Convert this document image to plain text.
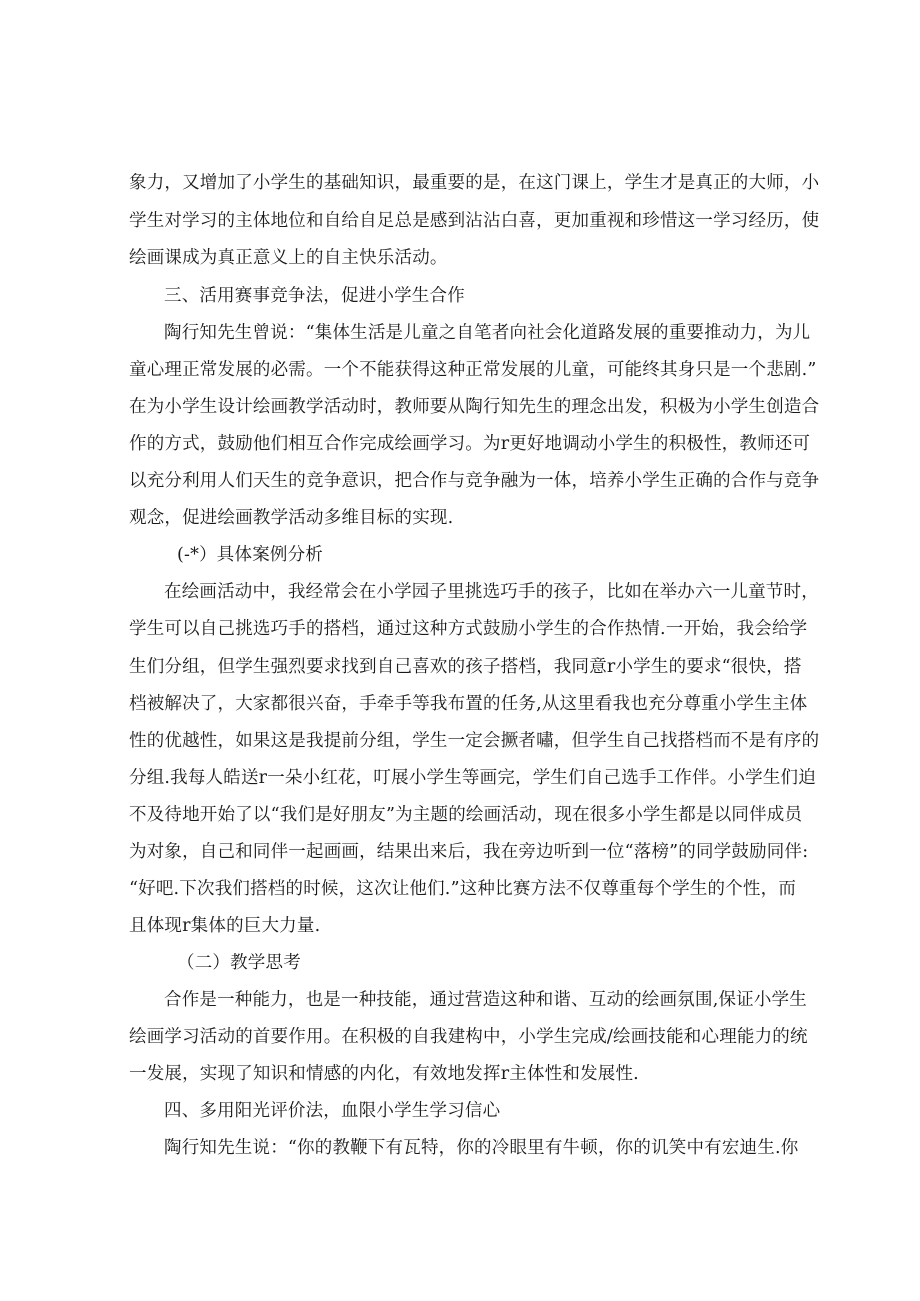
象力，又增加了小学生的基础知识，最重要的是，在这门课上，学生才是真正的大师，小
学生对学习的主体地位和自给自足总是感到沾沾白喜，更加重视和珍惜这一学习经历，使
绘画课成为真正意义上的自主快乐活动。
三、活用赛事竞争法，促进小学生合作
陶行知先生曾说：“集体生活是儿童之自笔者向社会化道路发展的重要推动力，为儿
童心理正常发展的必需。一个不能获得这种正常发展的儿童，可能终其身只是一个悲剧.”
在为小学生设计绘画教学活动时，教师要从陶行知先生的理念出发，积极为小学生创造合
作的方式，鼓励他们相互合作完成绘画学习。为r更好地调动小学生的积极性，教师还可
以充分利用人们天生的竞争意识，把合作与竞争融为一体，培养小学生正确的合作与竞争
观念，促进绘画教学活动多维目标的实现.
(-*）具体案例分析
在绘画活动中，我经常会在小学园子里挑选巧手的孩子，比如在举办六一儿童节时，
学生可以自己挑选巧手的搭档，通过这种方式鼓励小学生的合作热情.一开始，我会给学
生们分组，但学生强烈要求找到自己喜欢的孩子搭档，我同意r小学生的要求“很快，搭
档被解决了，大家都很兴奋，手牵手等我布置的任务,从这里看我也充分尊重小学生主体
性的优越性，如果这是我提前分组，学生一定会撅者嘯，但学生自己找搭档而不是有序的
分组.我每人皓送r一朵小红花，叮展小学生等画完，学生们自己选手工作伴。小学生们迫
不及待地开始了以“我们是好朋友”为主题的绘画活动，现在很多小学生都是以同伴成员
为对象，自己和同伴一起画画，结果出来后，我在旁边听到一位“落榜”的同学鼓励同伴:
“好吧.下次我们搭档的时候，这次让他们.”这种比赛方法不仅尊重每个学生的个性，而
且体现r集体的巨大力量.
（二）教学思考
合作是一种能力，也是一种技能，通过营造这种和谐、互动的绘画氛围,保证小学生
绘画学习活动的首要作用。在积极的自我建构中，小学生完成/绘画技能和心理能力的统
一发展，实现了知识和情感的内化，有效地发挥r主体性和发展性.
四、多用阳光评价法，血限小学生学习信心
陶行知先生说：“你的教鞭下有瓦特，你的冷眼里有牛顿，你的讥笑中有宏迪生.你
